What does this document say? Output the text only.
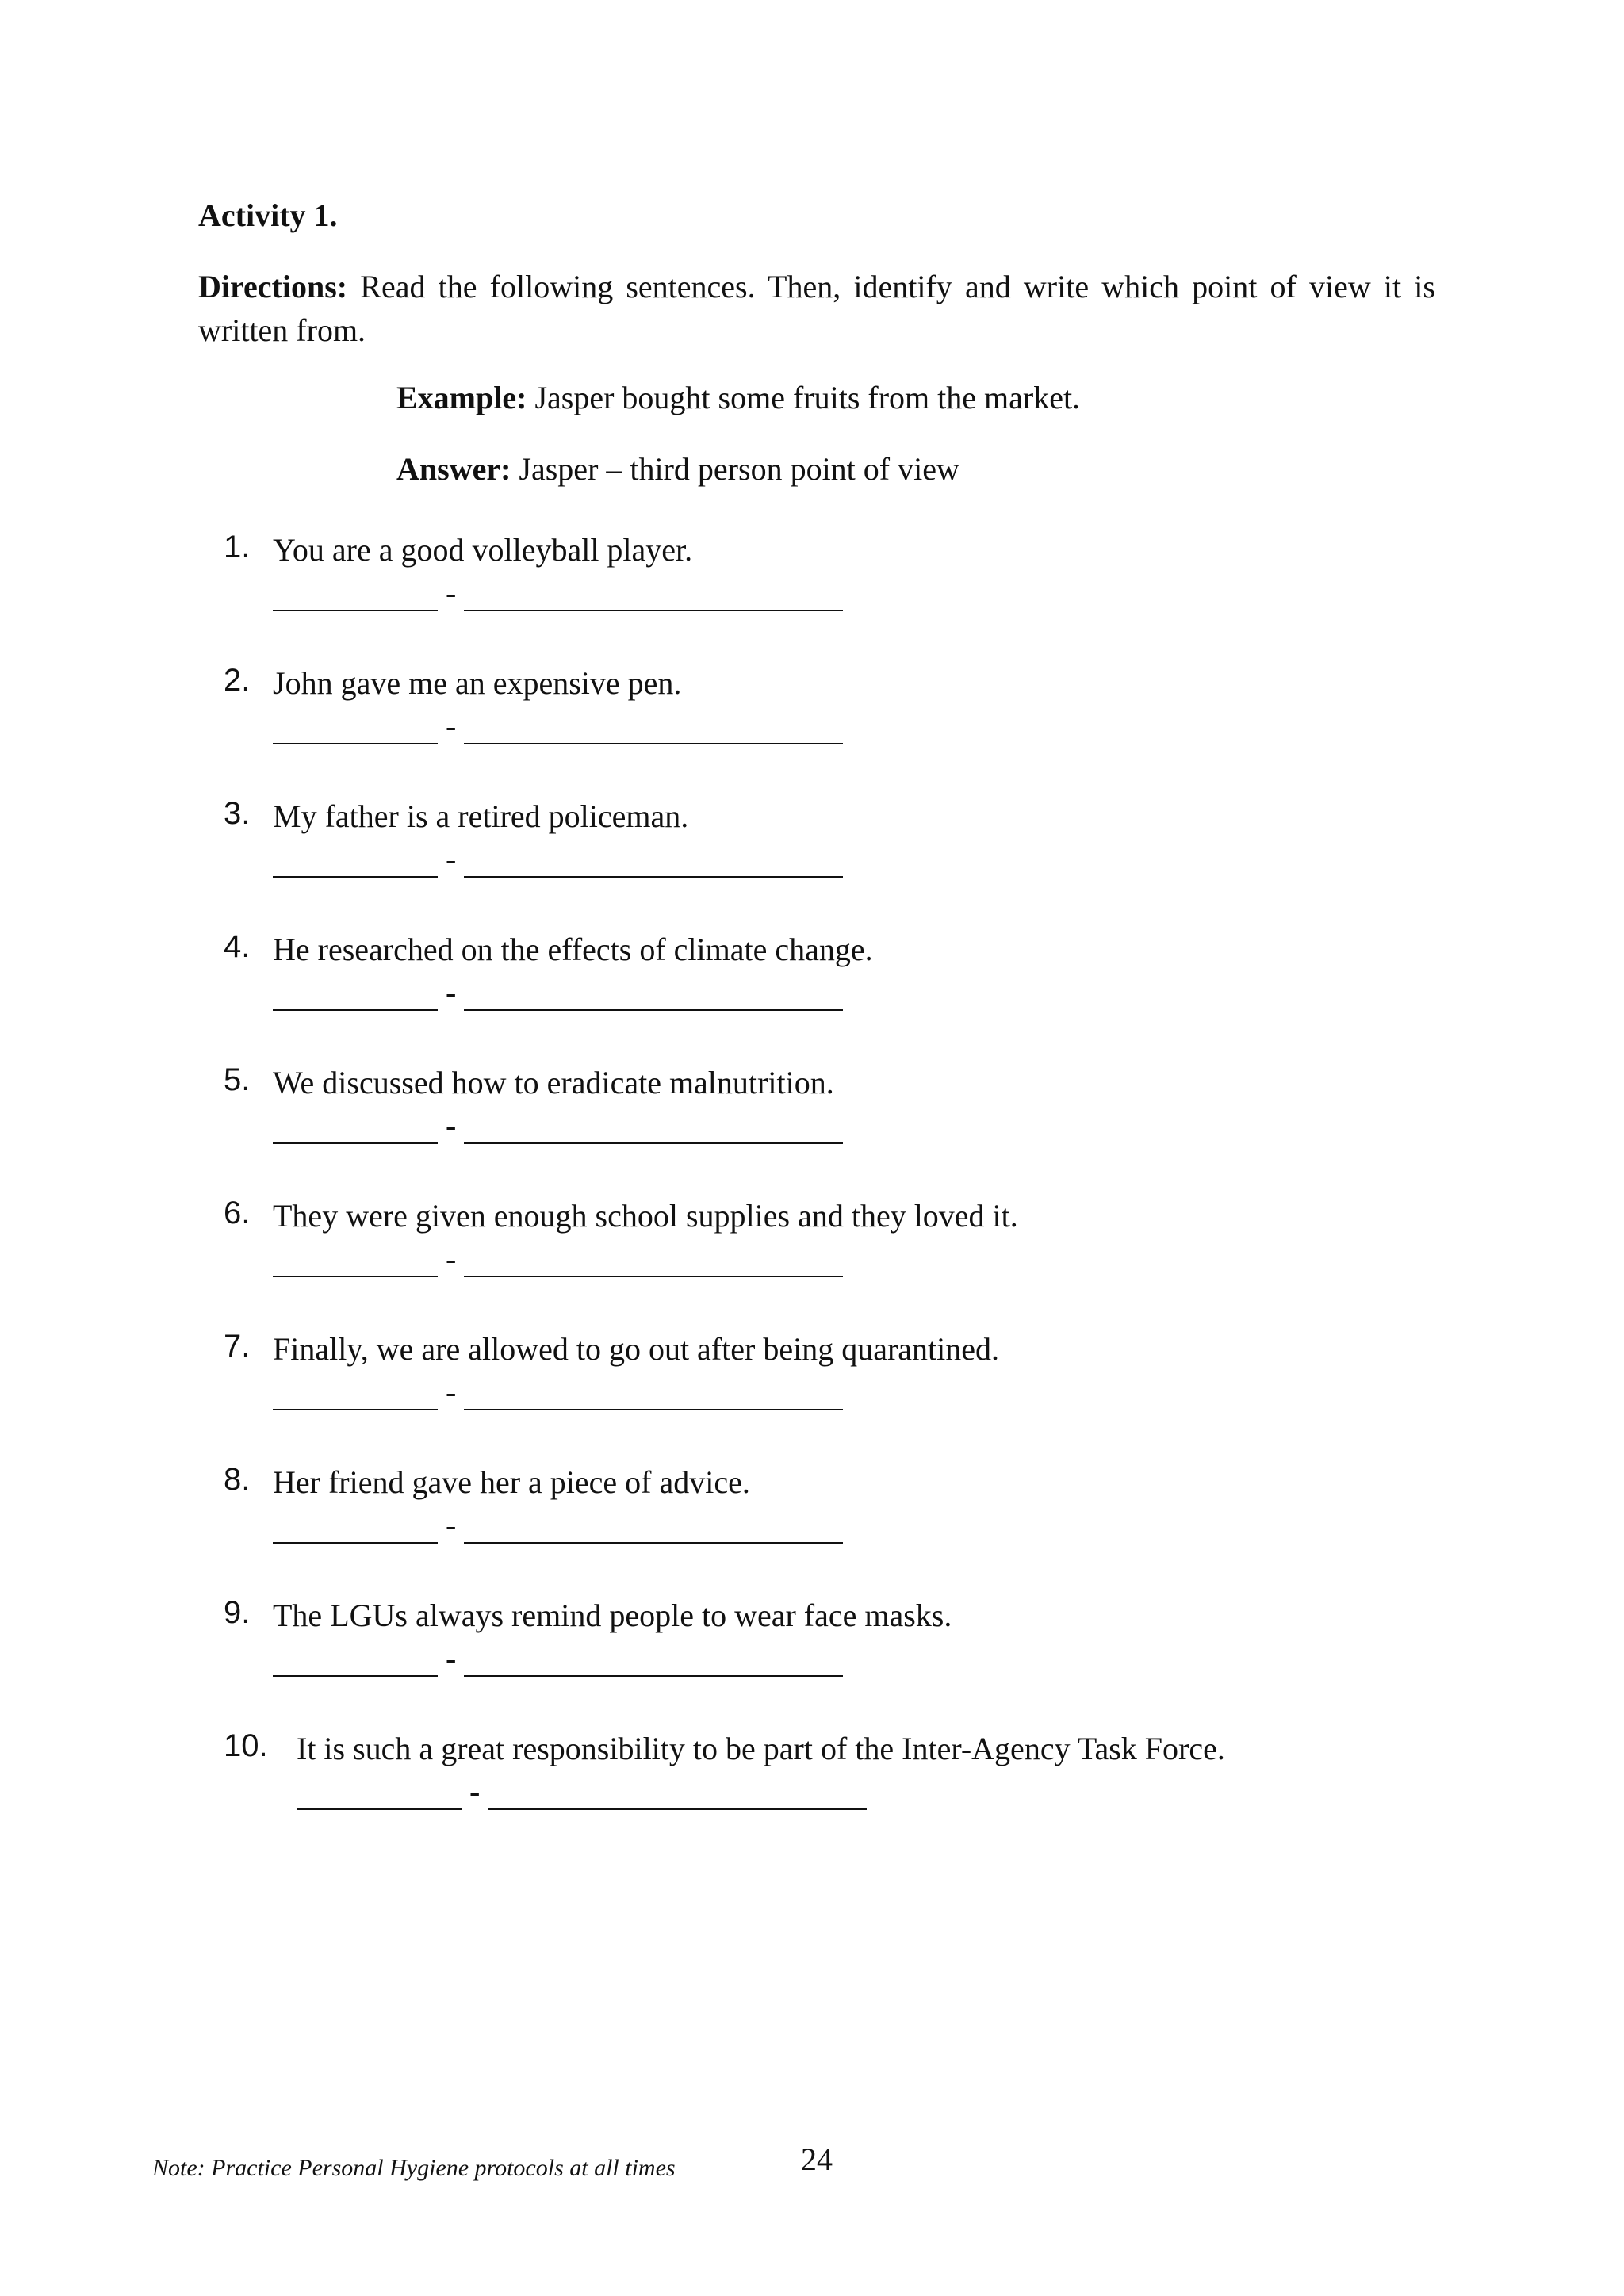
Activity 1.
Directions: Read the following sentences. Then, identify and write which point of view it is written from.
Example: Jasper bought some fruits from the market.
Answer: Jasper – third person point of view
1. You are a good volleyball player.
-
2. John gave me an expensive pen.
-
3. My father is a retired policeman.
-
4. He researched on the effects of climate change.
-
5. We discussed how to eradicate malnutrition.
-
6. They were given enough school supplies and they loved it.
-
7. Finally, we are allowed to go out after being quarantined.
-
8. Her friend gave her a piece of advice.
-
9. The LGUs always remind people to wear face masks.
-
10. It is such a great responsibility to be part of the Inter-Agency Task Force.
-
Note: Practice Personal Hygiene protocols at all times	24
